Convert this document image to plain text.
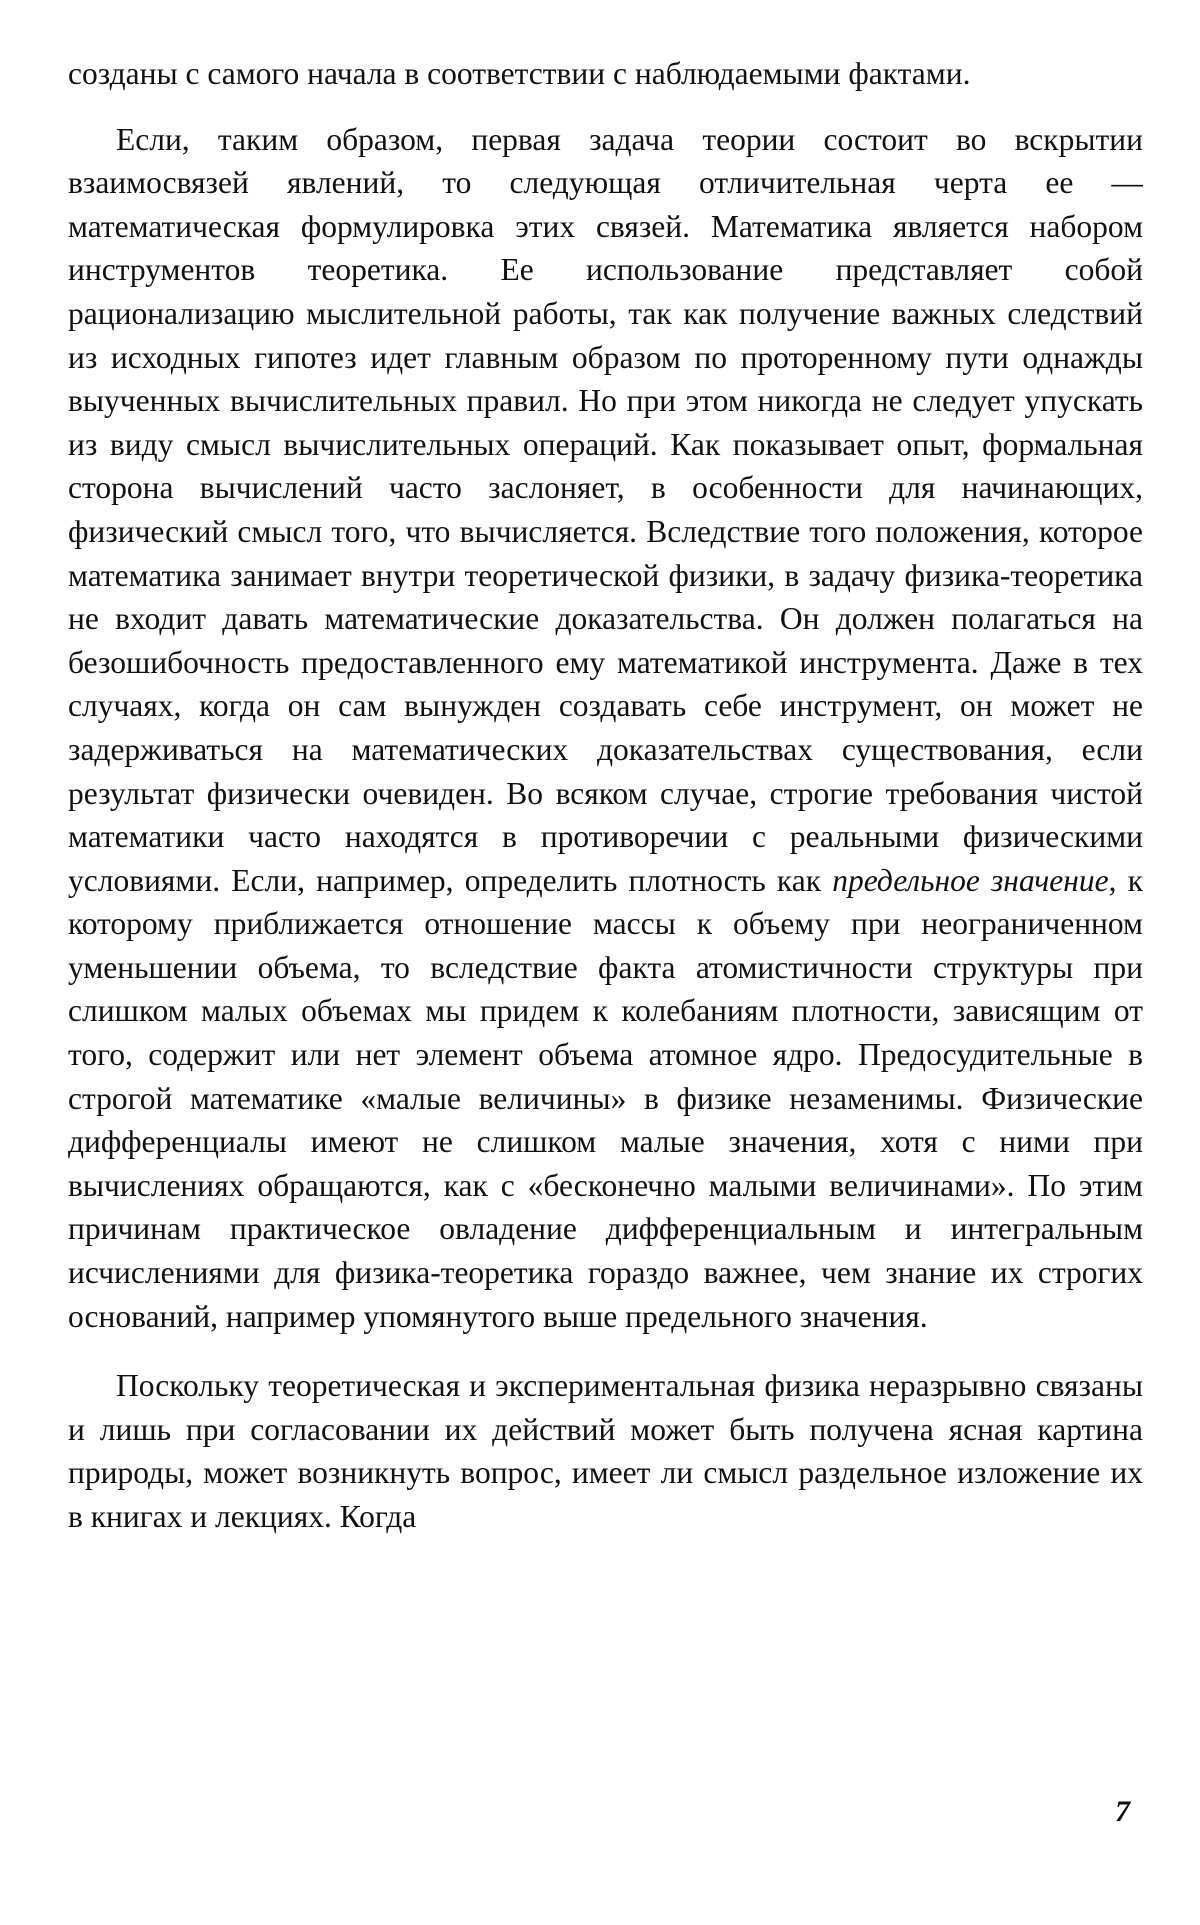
созданы с самого начала в соответствии с наблюдаемыми фактами.

Если, таким образом, первая задача теории состоит во вскрытии взаимосвязей явлений, то следующая отличительная черта ее — математическая формулировка этих связей. Математика является набором инструментов теоретика. Ее использование представляет собой рационализацию мыслительной работы, так как получение важных следствий из исходных гипотез идет главным образом по проторенному пути однажды выученных вычислительных правил. Но при этом никогда не следует упускать из виду смысл вычислительных операций. Как показывает опыт, формальная сторона вычислений часто заслоняет, в особенности для начинающих, физический смысл того, что вычисляется. Вследствие того положения, которое математика занимает внутри теоретической физики, в задачу физика-теоретика не входит давать математические доказательства. Он должен полагаться на безошибочность предоставленного ему математикой инструмента. Даже в тех случаях, когда он сам вынужден создавать себе инструмент, он может не задерживаться на математических доказательствах существования, если результат физически очевиден. Во всяком случае, строгие требования чистой математики часто находятся в противоречии с реальными физическими условиями. Если, например, определить плотность как предельное значение, к которому приближается отношение массы к объему при неограниченном уменьшении объема, то вследствие факта атомистичности структуры при слишком малых объемах мы придем к колебаниям плотности, зависящим от того, содержит или нет элемент объема атомное ядро. Предосудительные в строгой математике «малые величины» в физике незаменимы. Физические дифференциалы имеют не слишком малые значения, хотя с ними при вычислениях обращаются, как с «бесконечно малыми величинами». По этим причинам практическое овладение дифференциальным и интегральным исчислениями для физика-теоретика гораздо важнее, чем знание их строгих оснований, например упомянутого выше предельного значения.

Поскольку теоретическая и экспериментальная физика неразрывно связаны и лишь при согласовании их действий может быть получена ясная картина природы, может возникнуть вопрос, имеет ли смысл раздельное изложение их в книгах и лекциях. Когда

7
